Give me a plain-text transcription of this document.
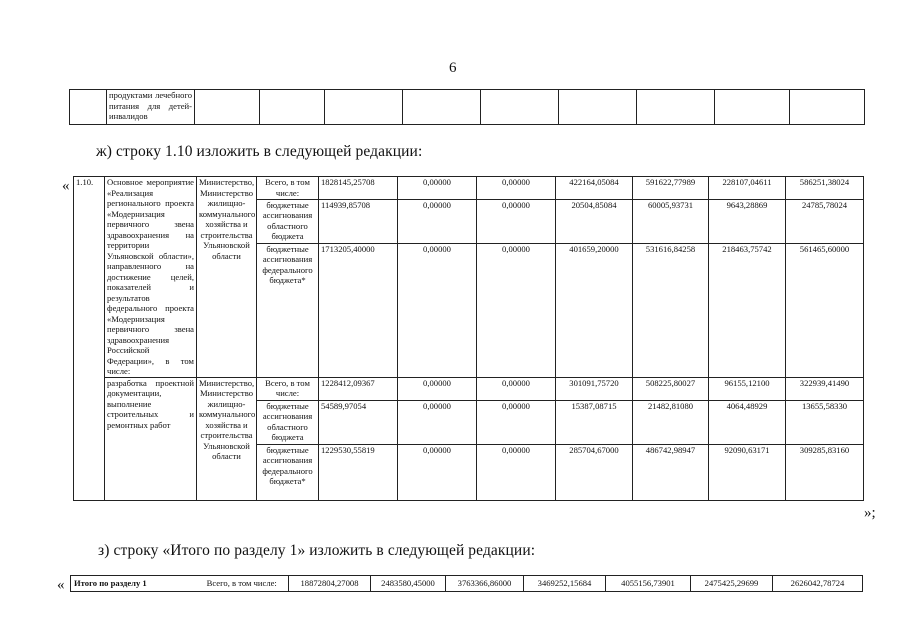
6
	продуктами лечебного питания для детей-инвалидов									
ж) строку 1.10 изложить в следующей редакции:
« 1.10.	Основное мероприятие «Реализация регионального проекта «Модернизация первичного звена здравоохранения на территории Ульяновской области», направленного на достижение целей, показателей и результатов федерального проекта «Модернизация первичного звена здравоохранения Российской Федерации», в том числе:	Министерство, Министерство жилищно-коммунального хозяйства и строительства Ульяновской области	Всего, в том числе:	1828145,25708	0,00000	0,00000	422164,05084	591622,77989	228107,04611	586251,38024
			бюджетные ассигнования областного бюджета	114939,85708	0,00000	0,00000	20504,85084	60005,93731	9643,28869	24785,78024
			бюджетные ассигнования федерального бюджета*	1713205,40000	0,00000	0,00000	401659,20000	531616,84258	218463,75742	561465,60000
	разработка проектной документации, выполнение строительных и ремонтных работ	Министерство, Министерство жилищно-коммунального хозяйства и строительства Ульяновской области	Всего, в том числе:	1228412,09367	0,00000	0,00000	301091,75720	508225,80027	96155,12100	322939,41490
			бюджетные ассигнования областного бюджета	54589,97054	0,00000	0,00000	15387,08715	21482,81080	4064,48929	13655,58330
			бюджетные ассигнования федерального бюджета*	1229530,55819	0,00000	0,00000	285704,67000	486742,98947	92090,63171	309285,83160
»;
з) строку «Итого по разделу 1» изложить в следующей редакции:
« Итого по разделу 1	Всего, в том числе:	18872804,27008	2483580,45000	3763366,86000	3469252,15684	4055156,73901	2475425,29699	2626042,78724
